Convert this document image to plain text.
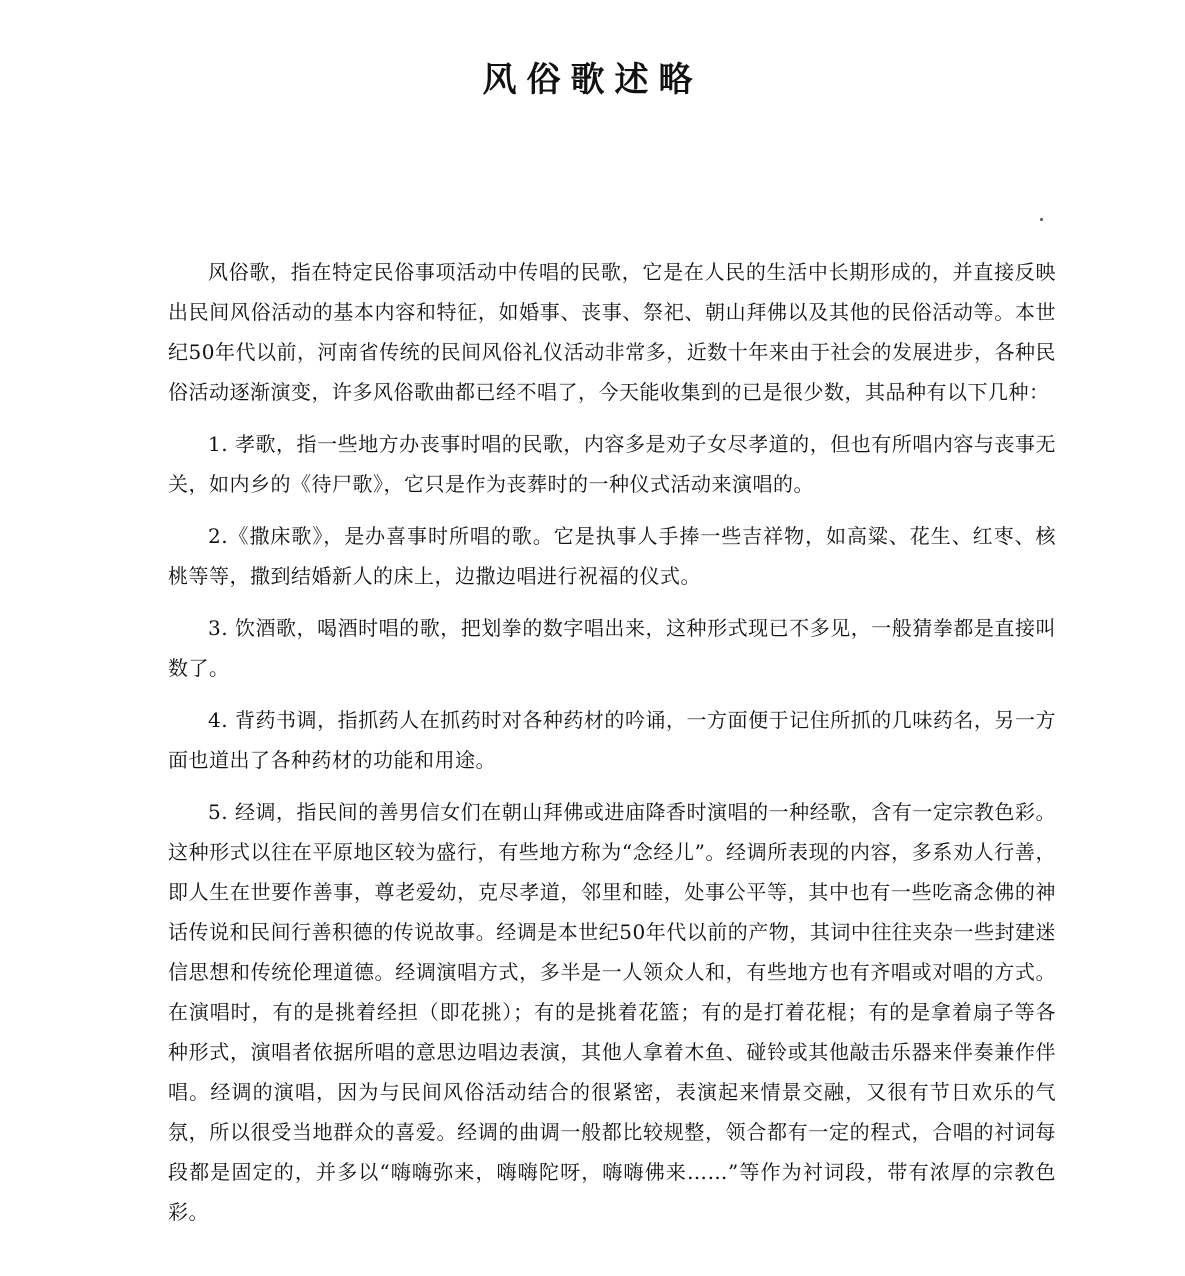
风俗歌述略

风俗歌，指在特定民俗事项活动中传唱的民歌，它是在人民的生活中长期形成的，并直接反映出民间风俗活动的基本内容和特征，如婚事、丧事、祭祀、朝山拜佛以及其他的民俗活动等。本世纪50年代以前，河南省传统的民间风俗礼仪活动非常多，近数十年来由于社会的发展进步，各种民俗活动逐渐演变，许多风俗歌曲都已经不唱了，今天能收集到的已是很少数，其品种有以下几种：

1. 孝歌，指一些地方办丧事时唱的民歌，内容多是劝子女尽孝道的，但也有所唱内容与丧事无关，如内乡的《待尸歌》，它只是作为丧葬时的一种仪式活动来演唱的。

2.《撒床歌》，是办喜事时所唱的歌。它是执事人手捧一些吉祥物，如高粱、花生、红枣、核桃等等，撒到结婚新人的床上，边撒边唱进行祝福的仪式。

3. 饮酒歌，喝酒时唱的歌，把划拳的数字唱出来，这种形式现已不多见，一般猜拳都是直接叫数了。

4. 背药书调，指抓药人在抓药时对各种药材的吟诵，一方面便于记住所抓的几味药名，另一方面也道出了各种药材的功能和用途。

5. 经调，指民间的善男信女们在朝山拜佛或进庙降香时演唱的一种经歌，含有一定宗教色彩。这种形式以往在平原地区较为盛行，有些地方称为“念经儿”。经调所表现的内容，多系劝人行善，即人生在世要作善事，尊老爱幼，克尽孝道，邻里和睦，处事公平等，其中也有一些吃斋念佛的神话传说和民间行善积德的传说故事。经调是本世纪50年代以前的产物，其词中往往夹杂一些封建迷信思想和传统伦理道德。经调演唱方式，多半是一人领众人和，有些地方也有齐唱或对唱的方式。在演唱时，有的是挑着经担（即花挑）；有的是挑着花篮；有的是打着花棍；有的是拿着扇子等各种形式，演唱者依据所唱的意思边唱边表演，其他人拿着木鱼、碰铃或其他敲击乐器来伴奏兼作伴唱。经调的演唱，因为与民间风俗活动结合的很紧密，表演起来情景交融，又很有节日欢乐的气氛，所以很受当地群众的喜爱。经调的曲调一般都比较规整，领合都有一定的程式，合唱的衬词每段都是固定的，并多以“嗨嗨弥来，嗨嗨陀呀，嗨嗨佛来……”等作为衬词段，带有浓厚的宗教色彩。
